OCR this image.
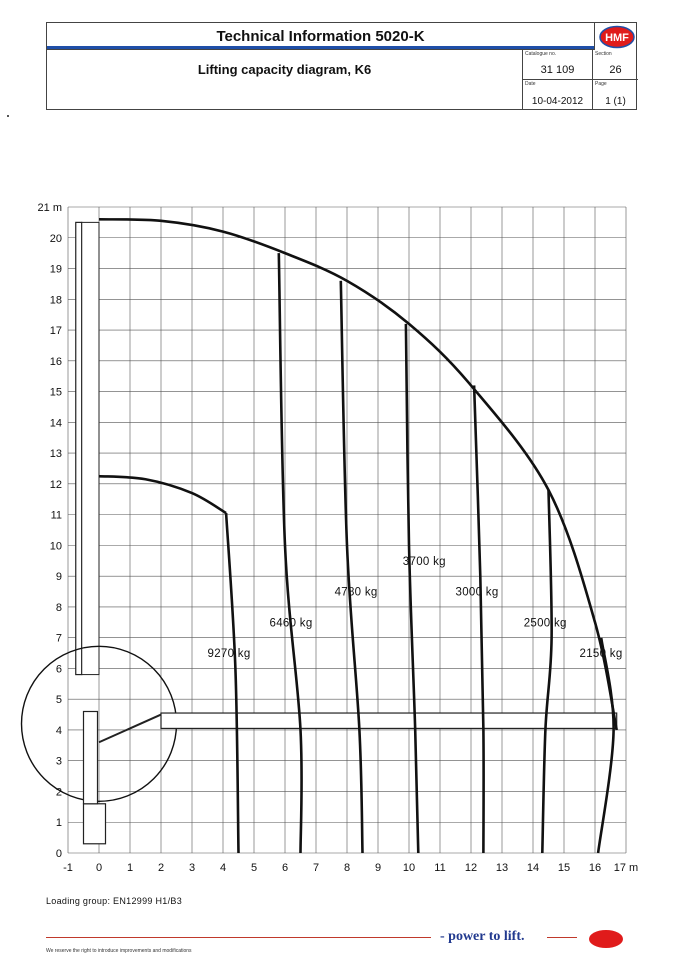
Technical Information 5020-K	HMF
Lifting capacity diagram, K6
Catalogue no.
31 109
Section
26
Date
10-04-2012
Page
1 (1)
-1 0 1 2 3 4 5 6 7 8 9 10 11 12 13 14 15 16 17 m
0
1
2
3
4
5
6
7
8
9
10
11
12
13
14
15
16
17
18
19
20
21 m
9270 kg
6460 kg
4780 kg
3700 kg
3000 kg
2500 kg
2150 kg
Loading group: EN12999 H1/B3
- power to lift.
We reserve the right to introduce improvements and modifications
